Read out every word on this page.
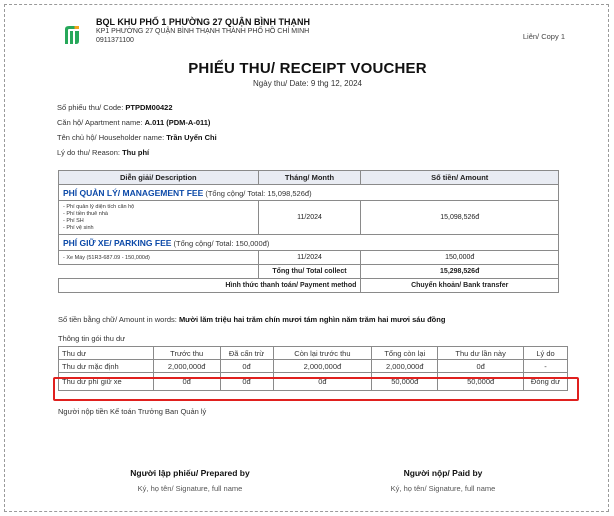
BQL KHU PHỐ 1 PHƯỜNG 27 QUẬN BÌNH THẠNH
KP1 PHƯỜNG 27 QUẬN BÌNH THẠNH THÀNH PHỐ HỒ CHÍ MINH
0911371100	Liên/ Copy 1
PHIẾU THU/ RECEIPT VOUCHER
Ngày thu/ Date: 9 thg 12, 2024
Số phiếu thu/ Code: PTPDM00422
Căn hộ/ Apartment name: A.011 (PDM-A-011)
Tên chủ hộ/ Householder name: Trần Uyển Chi
Lý do thu/ Reason: Thu phí
Diễn giải/ Description	Tháng/ Month	Số tiền/ Amount
PHÍ QUẢN LÝ/ MANAGEMENT FEE (Tổng cộng/ Total: 15,098,526đ)		

- Phí quản lý diện tích căn hộ
- Phí tiền thuê nhà
- Phí SH
- Phí vệ sinh	11/2024	15,098,526đ
PHÍ GIỮ XE/ PARKING FEE (Tổng cộng/ Total: 150,000đ)		
- Xe Máy (51R3-687.09 - 150,000đ)	11/2024	150,000đ
	Tổng thu/ Total collect	15,298,526đ
Hình thức thanh toán/ Payment method		Chuyển khoản/ Bank transfer
Số tiền bằng chữ/ Amount in words: Mười lăm triệu hai trăm chín mươi tám nghìn năm trăm hai mươi sáu đồng
Thông tin gói thu dư
Thu dư	Trước thu	Đã cấn trừ	Còn lại trước thu	Tổng còn lại	Thu dư lần này	Lý do
Thu dư mặc định	2,000,000đ	0đ	2,000,000đ	2,000,000đ	0đ	-
Thu dư phí giữ xe	0đ	0đ	0đ	50,000đ	50,000đ	Đóng dư
Người nộp tiền Kế toán Trưởng Ban Quản lý
Người lập phiếu/ Prepared by
Ký, họ tên/ Signature, full name
Người nộp/ Paid by
Ký, họ tên/ Signature, full name
